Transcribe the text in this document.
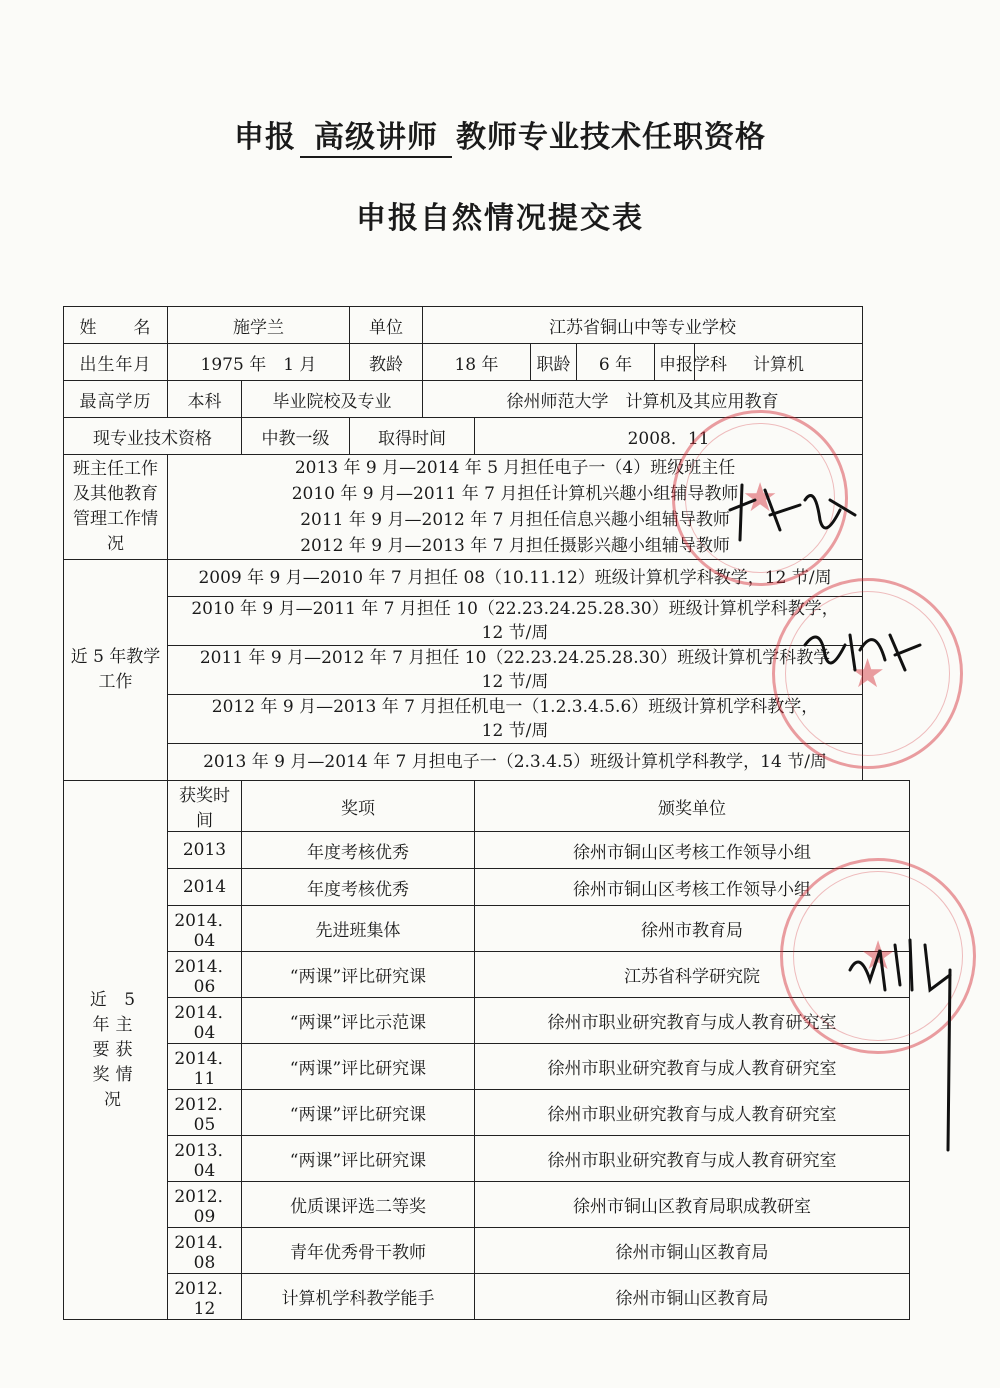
申报 高级讲师 教师专业技术任职资格
申报自然情况提交表
姓　　名	施学兰		单位	江苏省铜山中等专业学校					
出生年月	1975 年　1 月		教龄	18 年		职龄	6 年	申报学科	计算机
最高学历	本科	毕业院校及专业		徐州师范大学　计算机及其应用教育					
现专业技术资格		中教一级	取得时间		2008．11				
班主任工作及其他教育管理工作情况	2013 年 9 月—2014 年 5 月担任电子一（4）班级班主任
2010 年 9 月—2011 年 7 月担任计算机兴趣小组辅导教师
2011 年 9 月—2012 年 7 月担任信息兴趣小组辅导教师
2012 年 9 月—2013 年 7 月担任摄影兴趣小组辅导教师								

近 5 年教学工作	2009 年 9 月—2010 年 7 月担任 08（10.11.12）班级计算机学科教学，12 节/周								
	2010 年 9 月—2011 年 7 月担任 10（22.23.24.25.28.30）班级计算机学科教学，
12 节/周								

	2011 年 9 月—2012 年 7 月担任 10（22.23.24.25.28.30）班级计算机学科教学
12 节/周								
	2012 年 9 月—2013 年 7 月担任机电一（1.2.3.4.5.6）班级计算机学科教学，
12 节/周								

	2013 年 9 月—2014 年 7 月担电子一（2.3.4.5）班级计算机学科教学，14 节/周								
近 5 年主要获奖情况	获奖时间	奖项			颁奖单位				
	2013	年度考核优秀			徐州市铜山区考核工作领导小组				
	2014	年度考核优秀			徐州市铜山区考核工作领导小组				
	2014．04	先进班集体			徐州市教育局				
	2014．06	“两课”评比研究课			江苏省科学研究院				
	2014．04	“两课”评比示范课			徐州市职业研究教育与成人教育研究室				
	2014．11	“两课”评比研究课			徐州市职业研究教育与成人教育研究室				
	2012．05	“两课”评比研究课			徐州市职业研究教育与成人教育研究室				
	2013．04	“两课”评比研究课			徐州市职业研究教育与成人教育研究室				
	2012．09	优质课评选二等奖			徐州市铜山区教育局职成教研室				
	2014．08	青年优秀骨干教师			徐州市铜山区教育局				
	2012．12	计算机学科教学能手			徐州市铜山区教育局				
★
★
★
